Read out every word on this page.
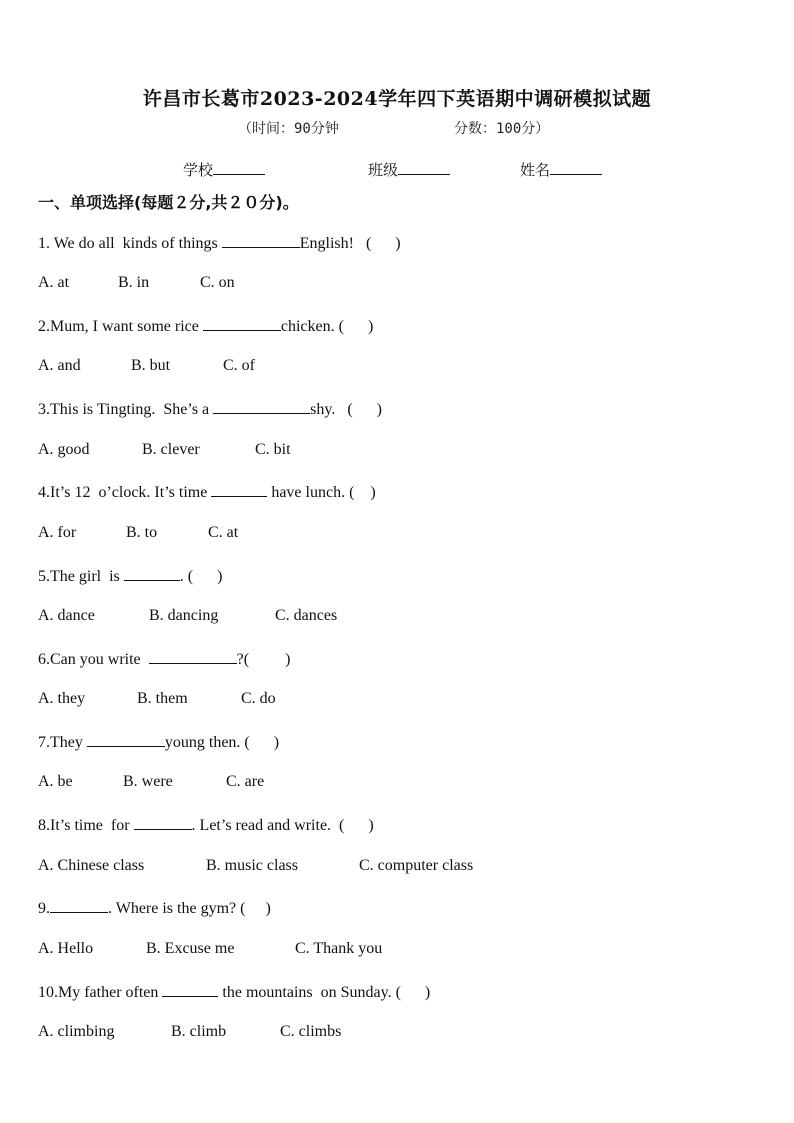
许昌市长葛市2023-2024学年四下英语期中调研模拟试题
（时间：90分钟	分数：100分）
学校	班级	姓名
一、单项选择(每题２分,共２０分)。
1. We do all  kinds of things	English!   (      )
A. at	B. in	C. on
2.Mum, I want some rice	chicken. (      )
A. and	B. but	C. of
3.This is Tingting.  She’s a	shy.   (      )
A. good	B. clever	C. bit
4.It’s 12  o’clock. It’s time	have lunch. (    )
A. for	B. to	C. at
5.The girl  is	. (      )
A. dance	B. dancing	C. dances
6.Can you write	?(         )
A. they	B. them	C. do
7.They	young then. (      )
A. be	B. were	C. are
8.It’s time  for	. Let’s read and write.  (      )
A. Chinese class	B. music class	C. computer class
9.	. Where is the gym? (     )
A. Hello	B. Excuse me	C. Thank you
10.My father often	the mountains  on Sunday. (      )
A. climbing	B. climb	C. climbs
